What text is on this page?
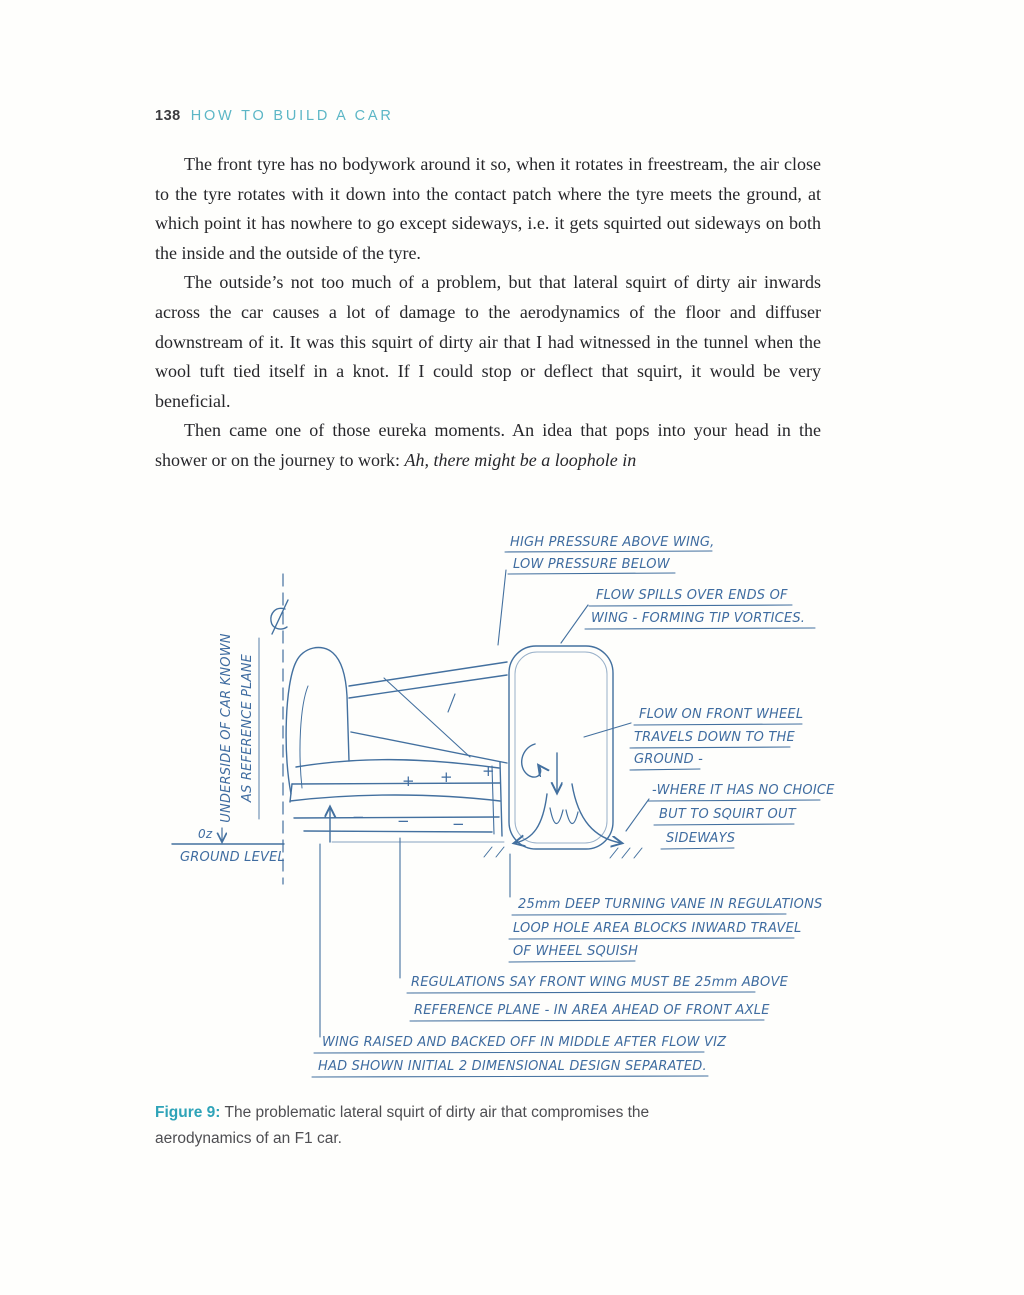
138 HOW TO BUILD A CAR

The front tyre has no bodywork around it so, when it rotates in freestream, the air close to the tyre rotates with it down into the contact patch where the tyre meets the ground, at which point it has nowhere to go except sideways, i.e. it gets squirted out sideways on both the inside and the outside of the tyre.

The outside’s not too much of a problem, but that lateral squirt of dirty air inwards across the car causes a lot of damage to the aerodynamics of the floor and diffuser downstream of it. It was this squirt of dirty air that I had witnessed in the tunnel when the wool tuft tied itself in a knot. If I could stop or deflect that squirt, it would be very beneficial.

Then came one of those eureka moments. An idea that pops into your head in the shower or on the journey to work: Ah, there might be a loophole in

HIGH PRESSURE ABOVE WING,
LOW PRESSURE BELOW
FLOW SPILLS OVER ENDS OF
WING - FORMING TIP VORTICES.
FLOW ON FRONT WHEEL
TRAVELS DOWN TO THE
GROUND -
-WHERE IT HAS NO CHOICE
BUT TO SQUIRT OUT
SIDEWAYS
UNDERSIDE OF CAR KNOWN AS REFERENCE PLANE
0z
GROUND LEVEL
25mm DEEP TURNING VANE IN REGULATIONS
LOOP HOLE AREA BLOCKS INWARD TRAVEL
OF WHEEL SQUISH
REGULATIONS SAY FRONT WING MUST BE 25mm ABOVE
REFERENCE PLANE - IN AREA AHEAD OF FRONT AXLE
WING RAISED AND BACKED OFF IN MIDDLE AFTER FLOW VIZ
HAD SHOWN INITIAL 2 DIMENSIONAL DESIGN SEPARATED.
+ + +
− −	−
Figure 9: The problematic lateral squirt of dirty air that compromises the aerodynamics of an F1 car.
